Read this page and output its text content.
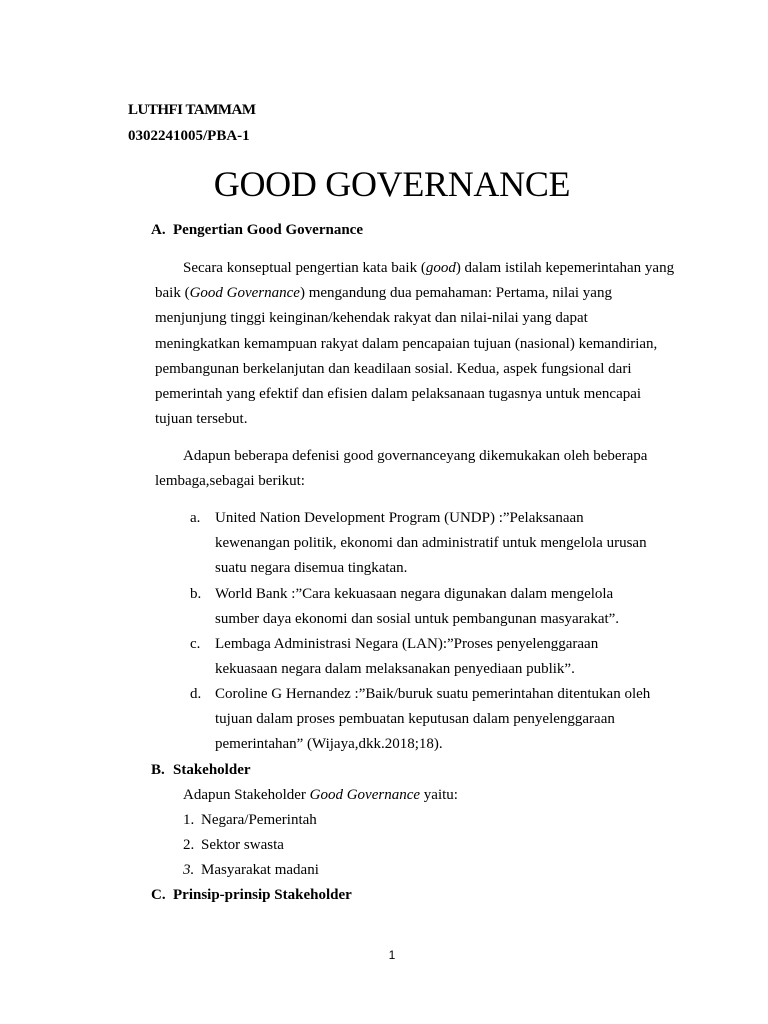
LUTHFI TAMMAM
0302241005/PBA-1
GOOD GOVERNANCE
A. Pengertian Good Governance
Secara konseptual pengertian kata baik (good) dalam istilah kepemerintahan yang baik (Good Governance) mengandung dua pemahaman: Pertama, nilai yang menjunjung tinggi keinginan/kehendak rakyat dan nilai-nilai yang dapat meningkatkan kemampuan rakyat dalam pencapaian tujuan (nasional) kemandirian, pembangunan berkelanjutan dan keadilaan sosial. Kedua, aspek fungsional dari pemerintah yang efektif dan efisien dalam pelaksanaan tugasnya untuk mencapai tujuan tersebut.
Adapun beberapa defenisi good governanceyang dikemukakan oleh beberapa lembaga,sebagai berikut:
a. United Nation Development Program (UNDP) :”Pelaksanaan kewenangan politik, ekonomi dan administratif untuk mengelola urusan suatu negara disemua tingkatan.
b. World Bank :”Cara kekuasaan negara digunakan dalam mengelola sumber daya ekonomi dan sosial untuk pembangunan masyarakat”.
c. Lembaga Administrasi Negara (LAN):”Proses penyelenggaraan kekuasaan negara dalam melaksanakan penyediaan publik”.
d. Coroline G Hernandez :”Baik/buruk suatu pemerintahan ditentukan oleh tujuan dalam proses pembuatan keputusan dalam penyelenggaraan pemerintahan” (Wijaya,dkk.2018;18).
B. Stakeholder
Adapun Stakeholder Good Governance yaitu:
1. Negara/Pemerintah
2. Sektor swasta
3. Masyarakat madani
C. Prinsip-prinsip Stakeholder
1
